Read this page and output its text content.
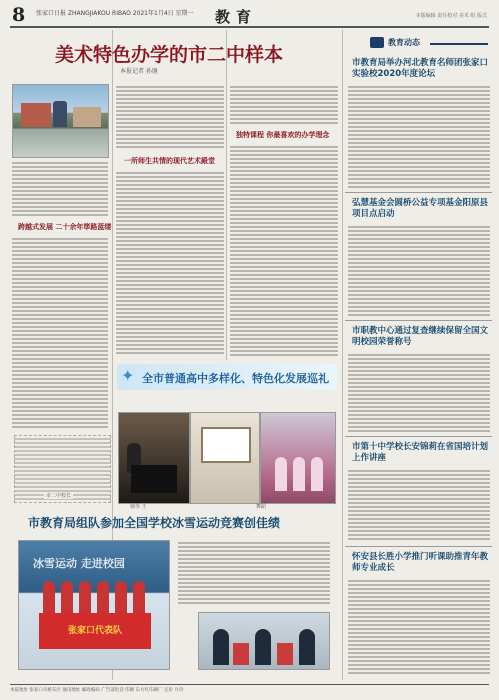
8 张家口日报 ZHANGJIAKOU RIBAO 2021年1月4日 星期一 教育	本版编辑 责任校对 美术 组 版式
美术特色办学的市二中样本
本报记者 孙继
跨越式发展 二十余年筚路蓝缕
市二中校长
一所师生共情的现代艺术殿堂
独特课程 你最喜欢的办学理念
✦ 全市普通高中多样化、特色化发展巡礼
钢琴 王	舞蹈
市教育局组队参加全国学校冰雪运动竞赛创佳绩
冰雪运动 走进校园
张家口代表队
教育动态
市教育局举办河北教育名师团张家口实验校2020年度论坛
弘慧基金会圆桥公益专项基金阳原县项目点启动
市职教中心通过复查继续保留全国文明校园荣誉称号
市第十中学校长安锦莉在省国培计划上作讲座
怀安县长胜小学推门听课助推青年教师专业成长
本报地址 张家口市桥东区 通讯地址 邮政编码 广告部电话 印刷 东方红印刷厂 定价 月价
